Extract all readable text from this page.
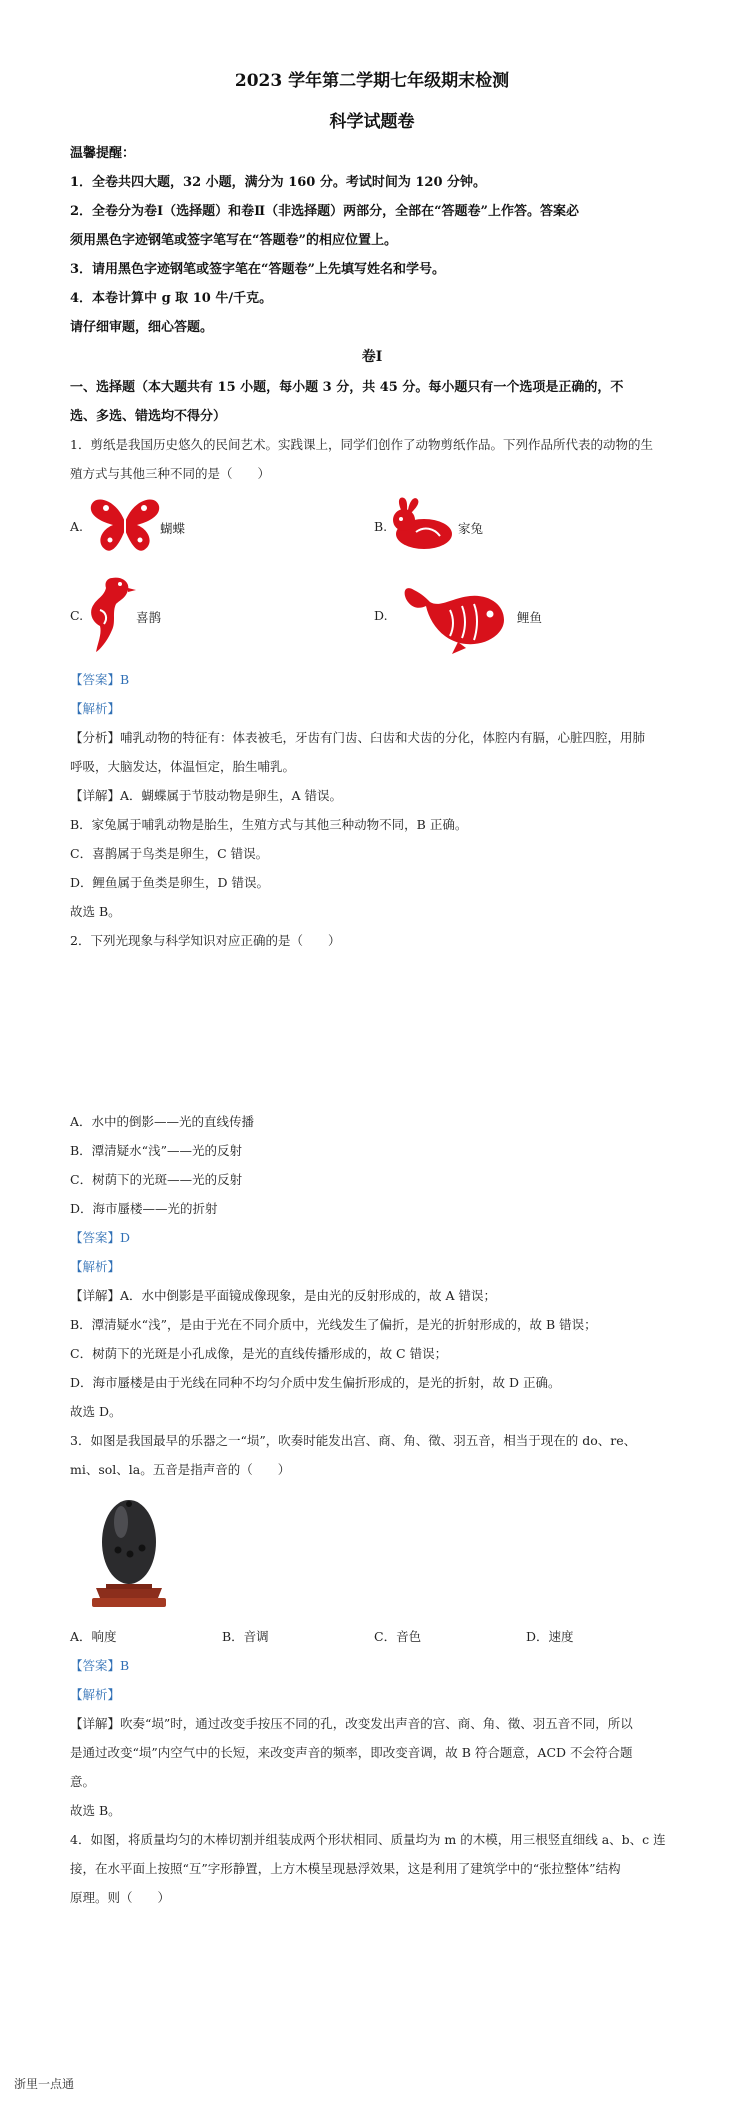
2023 学年第二学期七年级期末检测
科学试题卷
温馨提醒：
1．全卷共四大题，32 小题，满分为 160 分。考试时间为 120 分钟。
2．全卷分为卷Ⅰ（选择题）和卷Ⅱ（非选择题）两部分，全部在“答题卷”上作答。答案必
须用黑色字迹钢笔或签字笔写在“答题卷”的相应位置上。
3．请用黑色字迹钢笔或签字笔在“答题卷”上先填写姓名和学号。
4．本卷计算中 g 取 10 牛/千克。
请仔细审题，细心答题。
卷Ⅰ
一、选择题（本大题共有 15 小题，每小题 3 分，共 45 分。每小题只有一个选项是正确的，不
选、多选、错选均不得分）
1．剪纸是我国历史悠久的民间艺术。实践课上，同学们创作了动物剪纸作品。下列作品所代表的动物的生
殖方式与其他三种不同的是（　　）
A.	蝴蝶	B.	家兔
C.	喜鹊	D.	鲤鱼
【答案】B
【解析】
【分析】哺乳动物的特征有：体表被毛，牙齿有门齿、臼齿和犬齿的分化，体腔内有膈，心脏四腔，用肺
呼吸，大脑发达，体温恒定，胎生哺乳。
【详解】A．蝴蝶属于节肢动物是卵生，A 错误。
B．家兔属于哺乳动物是胎生，生殖方式与其他三种动物不同，B 正确。
C．喜鹊属于鸟类是卵生，C 错误。
D．鲤鱼属于鱼类是卵生，D 错误。
故选 B。
2．下列光现象与科学知识对应正确的是（　　）
A．水中的倒影——光的直线传播
B．潭清疑水“浅”——光的反射
C．树荫下的光斑——光的反射
D．海市蜃楼——光的折射
【答案】D
【解析】
【详解】A．水中倒影是平面镜成像现象，是由光的反射形成的，故 A 错误；
B．潭清疑水“浅”，是由于光在不同介质中，光线发生了偏折，是光的折射形成的，故 B 错误；
C．树荫下的光斑是小孔成像，是光的直线传播形成的，故 C 错误；
D．海市蜃楼是由于光线在同种不均匀介质中发生偏折形成的，是光的折射，故 D 正确。
故选 D。
3．如图是我国最早的乐器之一“埙”，吹奏时能发出宫、商、角、徵、羽五音，相当于现在的 do、re、
mi、sol、la。五音是指声音的（　　）
A．响度	B．音调	C．音色	D．速度
【答案】B
【解析】
【详解】吹奏“埙”时，通过改变手按压不同的孔，改变发出声音的宫、商、角、徵、羽五音不同，所以
是通过改变“埙”内空气中的长短，来改变声音的频率，即改变音调，故 B 符合题意，ACD 不会符合题
意。
故选 B。
4．如图，将质量均匀的木棒切割并组装成两个形状相同、质量均为 m 的木模，用三根竖直细线 a、b、c 连
接，在水平面上按照“互”字形静置，上方木模呈现悬浮效果，这是利用了建筑学中的“张拉整体”结构
原理。则（　　）
浙里一点通
